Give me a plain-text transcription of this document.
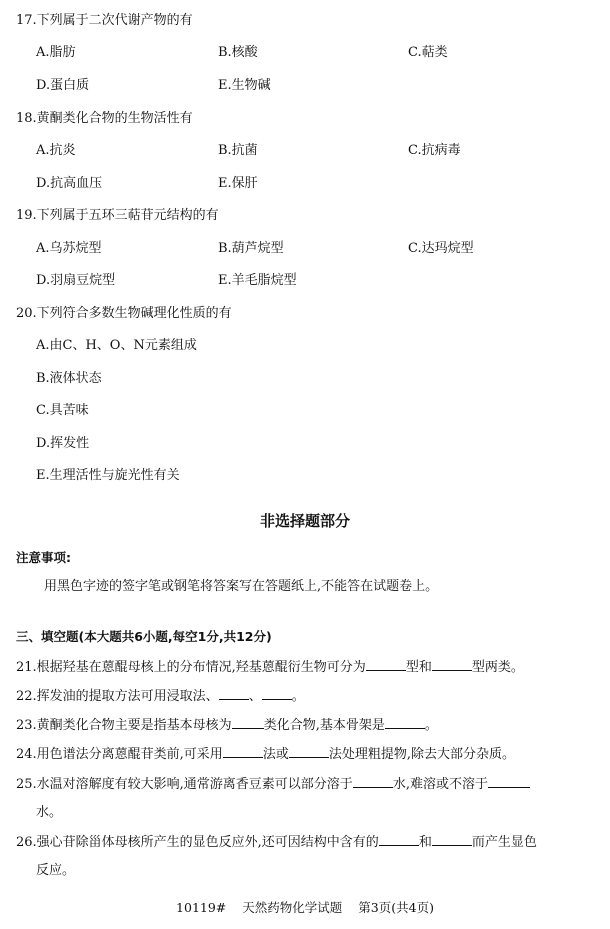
17.下列属于二次代谢产物的有
A.脂肪	B.核酸	C.萜类
D.蛋白质	E.生物碱
18.黄酮类化合物的生物活性有
A.抗炎	B.抗菌	C.抗病毒
D.抗高血压	E.保肝
19.下列属于五环三萜苷元结构的有
A.乌苏烷型	B.葫芦烷型	C.达玛烷型
D.羽扇豆烷型	E.羊毛脂烷型
20.下列符合多数生物碱理化性质的有
A.由C、H、O、N元素组成
B.液体状态
C.具苦味
D.挥发性
E.生理活性与旋光性有关
非选择题部分
注意事项:
用黑色字迹的签字笔或钢笔将答案写在答题纸上,不能答在试题卷上。
三、填空题(本大题共6小题,每空1分,共12分)
21.根据羟基在蒽醌母核上的分布情况,羟基蒽醌衍生物可分为	型和	型两类。
22.挥发油的提取方法可用浸取法、 、 。
23.黄酮类化合物主要是指基本母核为 类化合物,基本骨架是	。
24.用色谱法分离蒽醌苷类前,可采用	法或	法处理粗提物,除去大部分杂质。
25.水温对溶解度有较大影响,通常游离香豆素可以部分溶于	水,难溶或不溶于
水。
26.强心苷除甾体母核所产生的显色反应外,还可因结构中含有的	和	而产生显色
反应。
10119# 天然药物化学试题 第3页(共4页)
